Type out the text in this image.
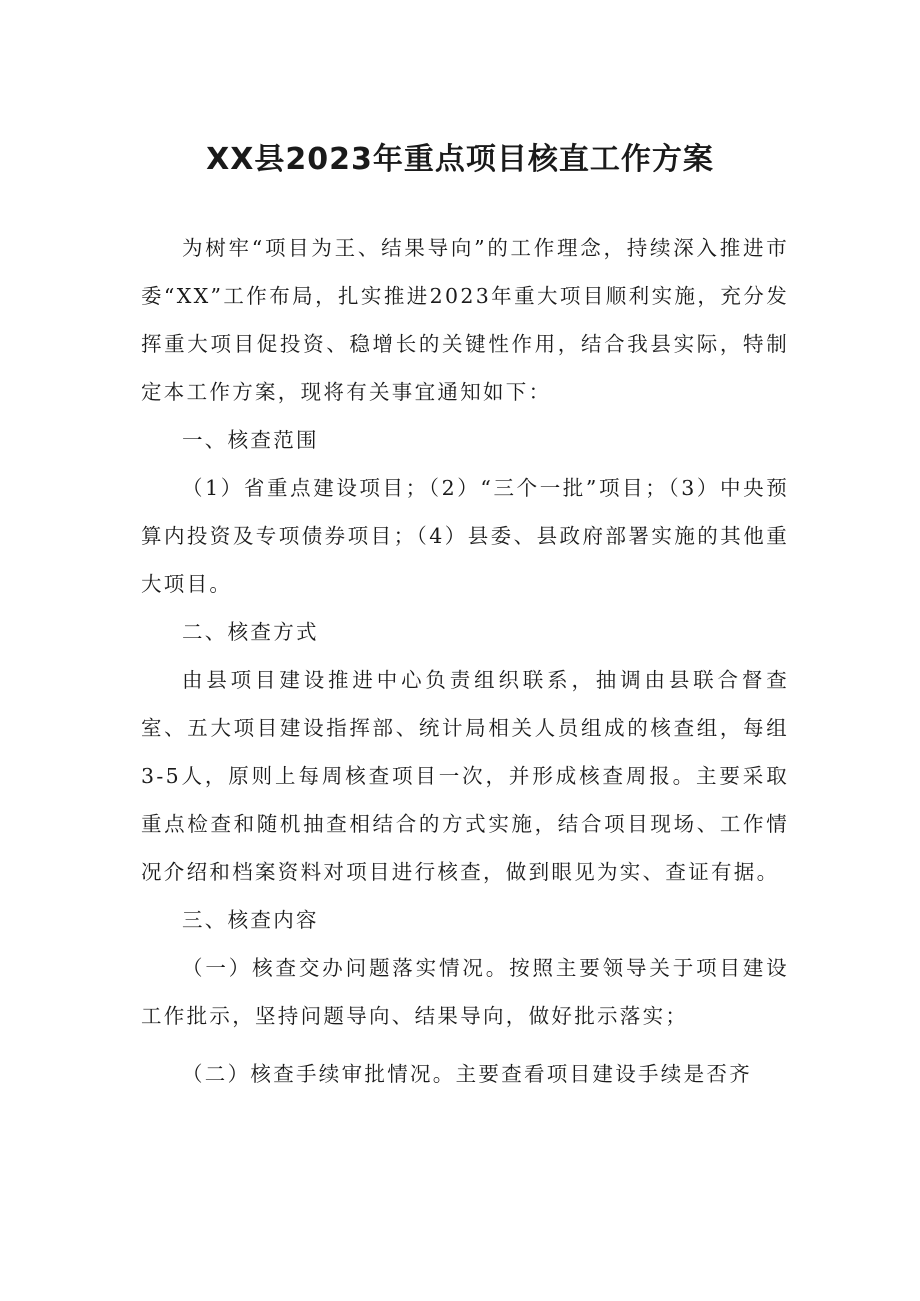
XX县2023年重点项目核直工作方案

为树牢“项目为王、结果导向”的工作理念，持续深入推进市委“XX”工作布局，扎实推进2023年重大项目顺利实施，充分发挥重大项目促投资、稳增长的关键性作用，结合我县实际，特制定本工作方案，现将有关事宜通知如下：

一、核查范围

（1）省重点建设项目；（2）“三个一批”项目；（3）中央预算内投资及专项债券项目；（4）县委、县政府部署实施的其他重大项目。

二、核查方式

由县项目建设推进中心负责组织联系，抽调由县联合督查室、五大项目建设指挥部、统计局相关人员组成的核查组，每组3-5人，原则上每周核查项目一次，并形成核查周报。主要采取重点检查和随机抽查相结合的方式实施，结合项目现场、工作情况介绍和档案资料对项目进行核查，做到眼见为实、查证有据。

三、核查内容

（一）核查交办问题落实情况。按照主要领导关于项目建设工作批示，坚持问题导向、结果导向，做好批示落实；

（二）核查手续审批情况。主要查看项目建设手续是否齐
